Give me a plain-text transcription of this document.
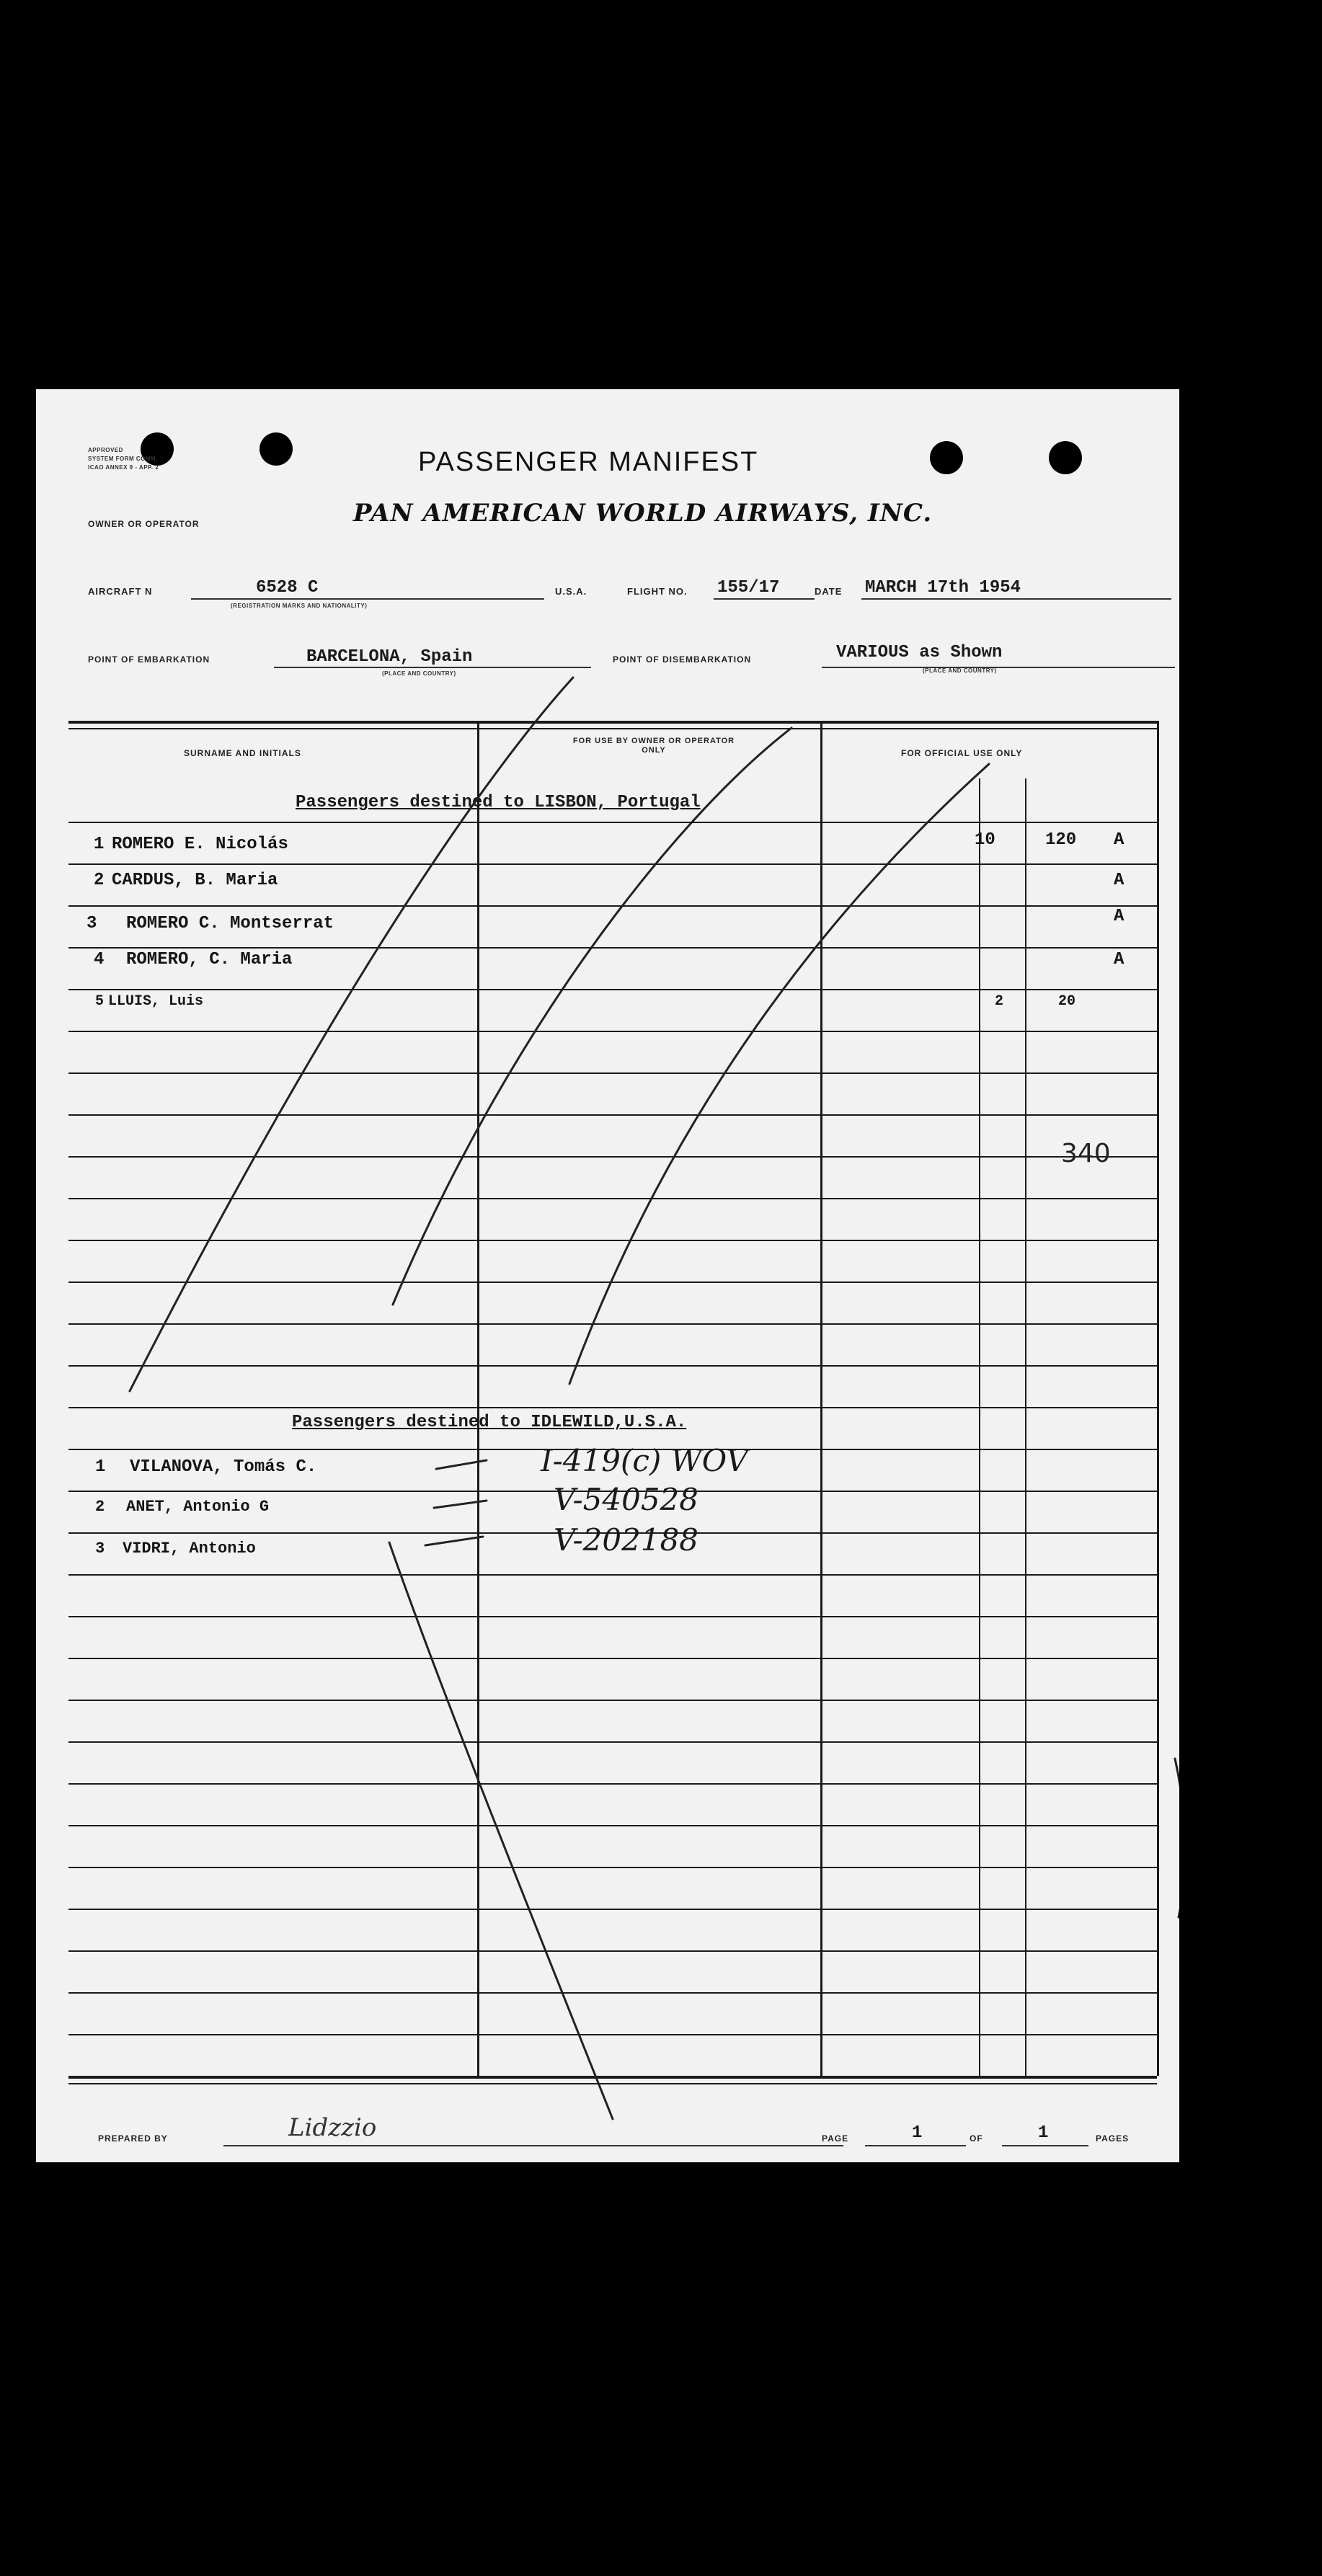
APPROVED
SYSTEM FORM COMM.
ICAO ANNEX 9 - APP. 2	PASSENGER MANIFEST
OWNER OR OPERATOR	PAN AMERICAN WORLD AIRWAYS, INC.
AIRCRAFT N	6528 C
(REGISTRATION MARKS AND NATIONALITY)
U.S.A.	FLIGHT NO. 155/17	DATE MARCH 17th 1954
POINT OF EMBARKATION	BARCELONA, Spain
(PLACE AND COUNTRY)
POINT OF DISEMBARKATION	VARIOUS as Shown
(PLACE AND COUNTRY)
SURNAME AND INITIALS
FOR USE BY OWNER OR OPERATOR ONLY	FOR OFFICIAL USE ONLY
Passengers destined to LISBON, Portugal
1 ROMERO E. Nicolás	10	120 A
2 CARDUS, B. Maria	A
3 ROMERO C. Montserrat	A
4 ROMERO, C. Maria	A
5 LLUIS, Luis	2	20
340
Passengers destined to IDLEWILD,U.S.A.
1 VILANOVA, Tomás C.	I-419(c) WOV
2 ANET, Antonio G	V-540528
3 VIDRI, Antonio	V-202188
PREPARED BY	Lidzzio	PAGE	1	OF	1	PAGES
